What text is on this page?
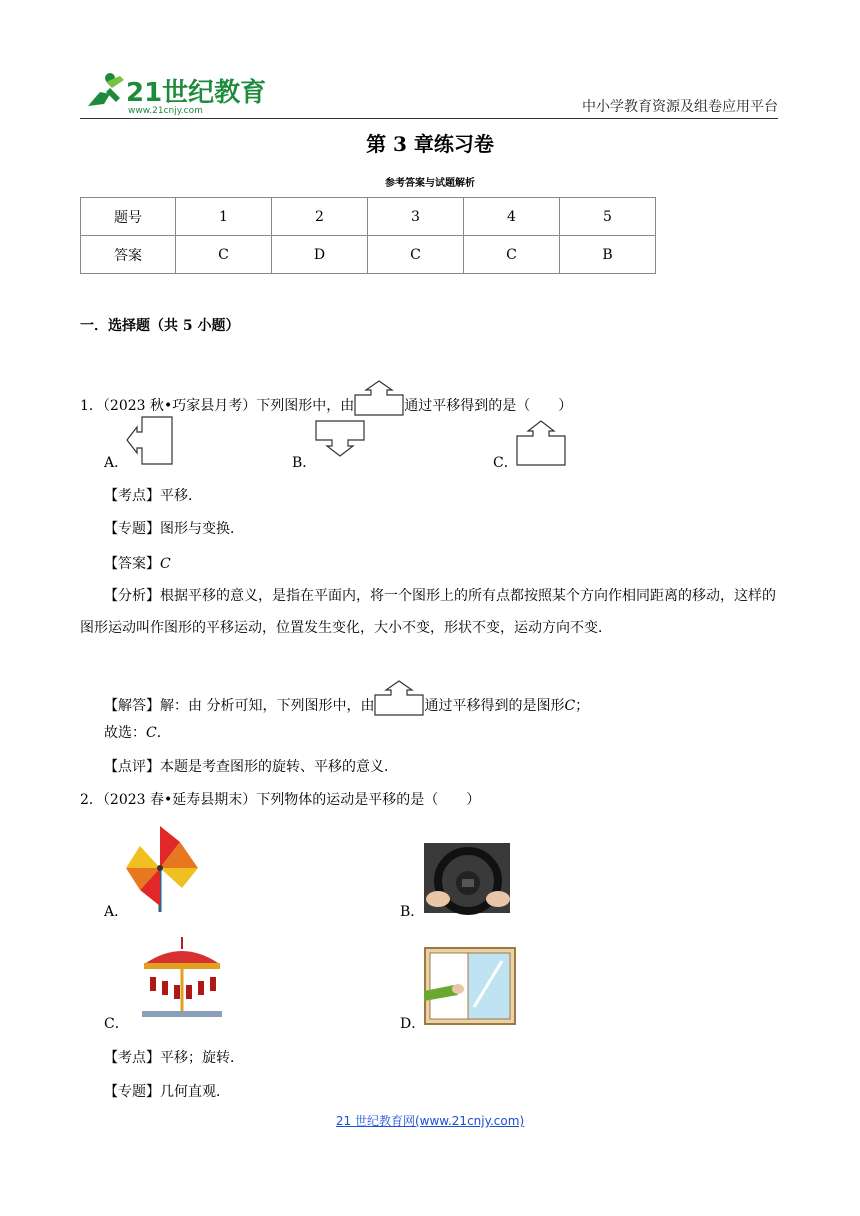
21世纪教育
www.21cnjy.com	中小学教育资源及组卷应用平台
第 3 章练习卷
参考答案与试题解析
题号	1	2	3	4	5
答案	C	D	C	C	B
一．选择题（共 5 小题）
1．（2023 秋•巧家县月考）下列图形中，由	通过平移得到的是（　　）
A．	B．	C．
【考点】平移．
【专题】图形与变换．
【答案】C
【分析】根据平移的意义，是指在平面内，将一个图形上的所有点都按照某个方向作相同距离的移动，这样的图形运动叫作图形的平移运动，位置发生变化，大小不变，形状不变，运动方向不变．
【解答】解：由 分析可知，下列图形中，由	通过平移得到的是图形C；
故选：C．
【点评】本题是考查图形的旋转、平移的意义．
2．（2023 春•延寿县期末）下列物体的运动是平移的是（　　）
A．	B．
C．	D．
【考点】平移；旋转．
【专题】几何直观．
21 世纪教育网(www.21cnjy.com)
